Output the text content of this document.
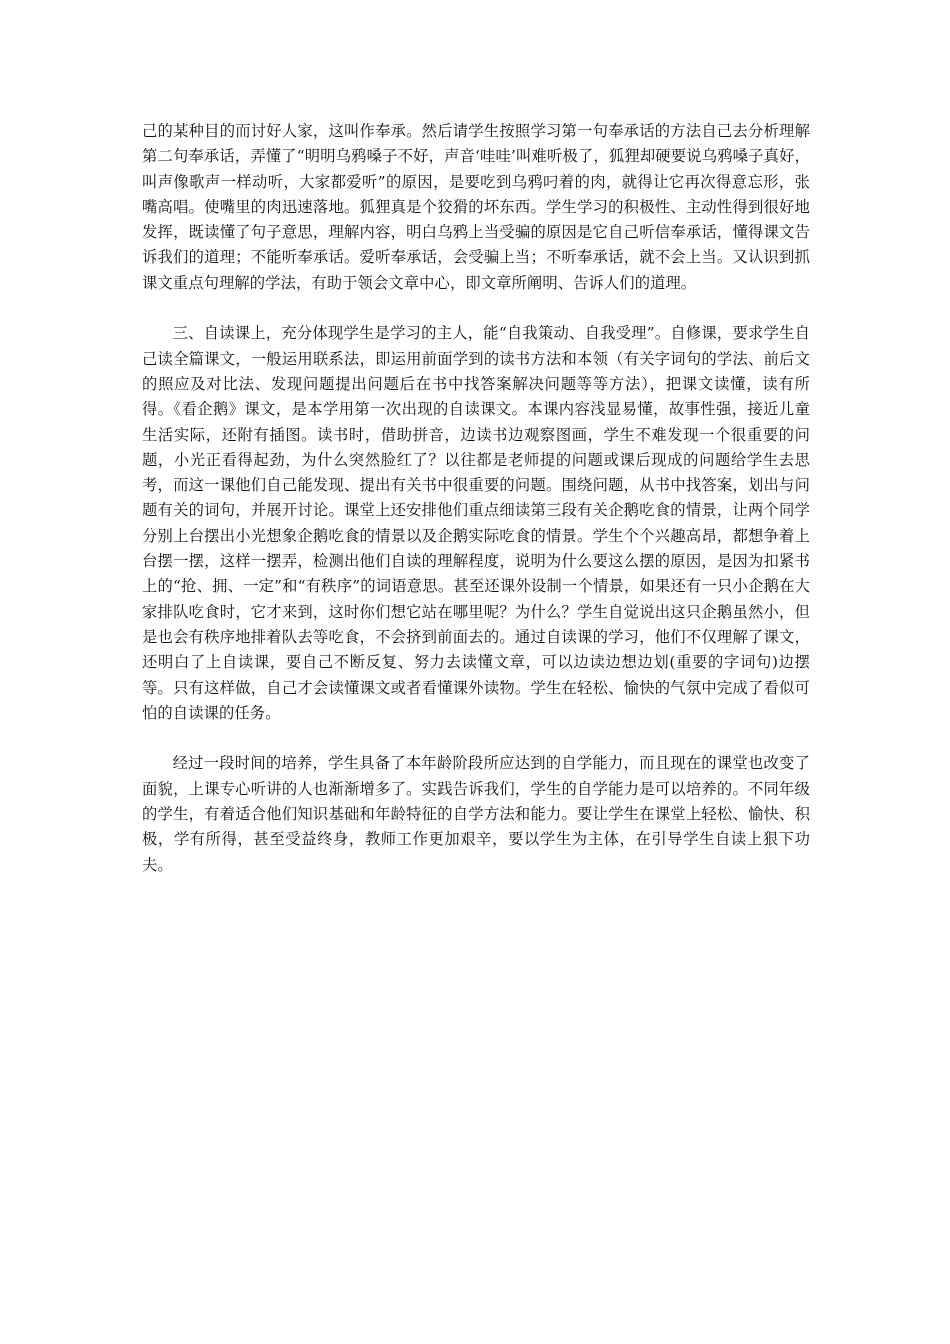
己的某种目的而讨好人家，这叫作奉承。然后请学生按照学习第一句奉承话的方法自己去分析理解第二句奉承话，弄懂了“明明乌鸦嗓子不好，声音‘哇哇’叫难听极了，狐狸却硬要说乌鸦嗓子真好，叫声像歌声一样动听，大家都爱听”的原因，是要吃到乌鸦叼着的肉，就得让它再次得意忘形，张嘴高唱。使嘴里的肉迅速落地。狐狸真是个狡猾的坏东西。学生学习的积极性、主动性得到很好地发挥，既读懂了句子意思，理解内容，明白乌鸦上当受骗的原因是它自己听信奉承话，懂得课文告诉我们的道理；不能听奉承话。爱听奉承话，会受骗上当；不听奉承话，就不会上当。又认识到抓课文重点句理解的学法，有助于领会文章中心，即文章所阐明、告诉人们的道理。

三、自读课上，充分体现学生是学习的主人，能“自我策动、自我受理”。自修课，要求学生自己读全篇课文，一般运用联系法，即运用前面学到的读书方法和本领（有关字词句的学法、前后文的照应及对比法、发现问题提出问题后在书中找答案解决问题等等方法），把课文读懂，读有所得。《看企鹅》课文，是本学用第一次出现的自读课文。本课内容浅显易懂，故事性强，接近儿童生活实际，还附有插图。读书时，借助拼音，边读书边观察图画，学生不难发现一个很重要的问题，小光正看得起劲，为什么突然脸红了？以往都是老师提的问题或课后现成的问题给学生去思考，而这一课他们自己能发现、提出有关书中很重要的问题。围绕问题，从书中找答案，划出与问题有关的词句，并展开讨论。课堂上还安排他们重点细读第三段有关企鹅吃食的情景，让两个同学分别上台摆出小光想象企鹅吃食的情景以及企鹅实际吃食的情景。学生个个兴趣高昂，都想争着上台摆一摆，这样一摆弄，检测出他们自读的理解程度，说明为什么要这么摆的原因，是因为扣紧书上的“抢、拥、一定”和“有秩序”的词语意思。甚至还课外设制一个情景，如果还有一只小企鹅在大家排队吃食时，它才来到，这时你们想它站在哪里呢？为什么？学生自觉说出这只企鹅虽然小，但是也会有秩序地排着队去等吃食，不会挤到前面去的。通过自读课的学习，他们不仅理解了课文，还明白了上自读课，要自己不断反复、努力去读懂文章，可以边读边想边划(重要的字词句)边摆等。只有这样做，自己才会读懂课文或者看懂课外读物。学生在轻松、愉快的气氛中完成了看似可怕的自读课的任务。

经过一段时间的培养，学生具备了本年龄阶段所应达到的自学能力，而且现在的课堂也改变了面貌，上课专心听讲的人也渐渐增多了。实践告诉我们，学生的自学能力是可以培养的。不同年级的学生，有着适合他们知识基础和年龄特征的自学方法和能力。要让学生在课堂上轻松、愉快、积极，学有所得，甚至受益终身，教师工作更加艰辛，要以学生为主体，在引导学生自读上狠下功夫。
